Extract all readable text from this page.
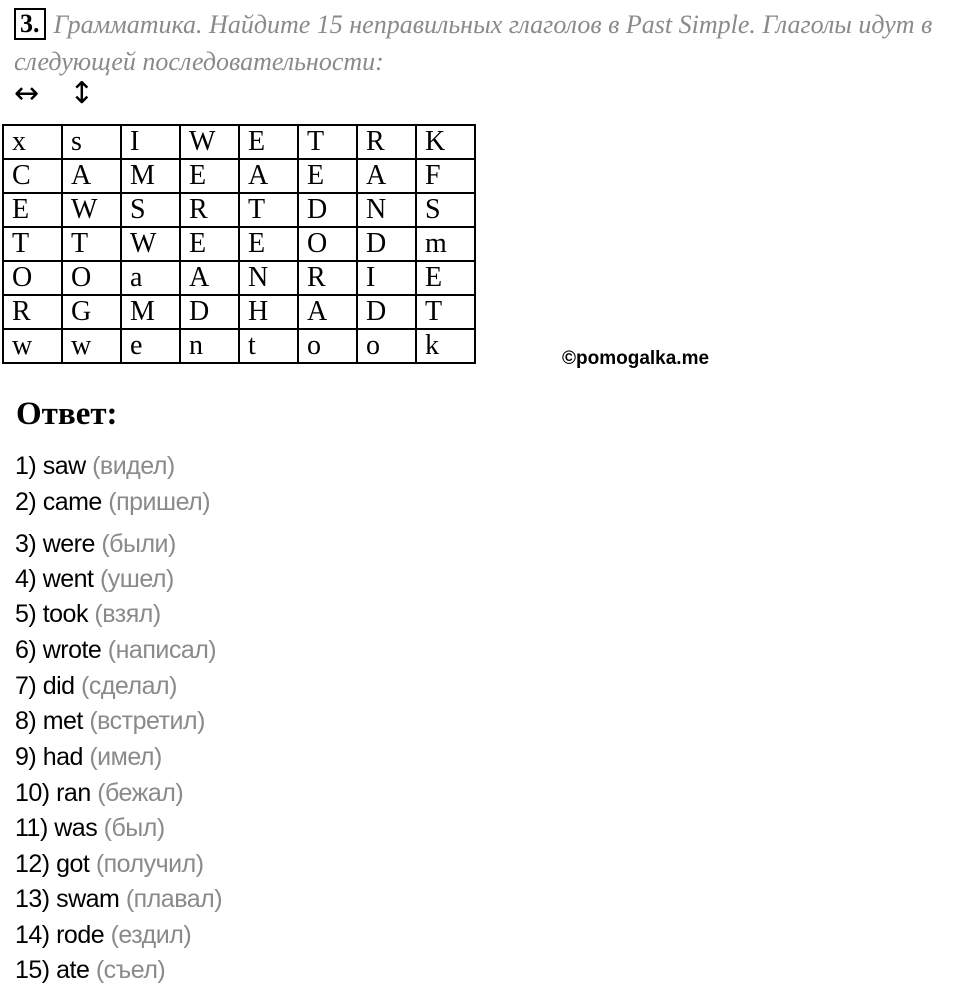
3. Грамматика. Найдите 15 неправильных глаголов в Past Simple. Глаголы идут в следующей последовательности:
↔ ↕
x	s	I	W	E	T	R	K
C	A	M	E	A	E	A	F
E	W	S	R	T	D	N	S
T	T	W	E	E	O	D	m
O	O	a	A	N	R	I	E
R	G	M	D	H	A	D	T
w	w	e	n	t	o	o	k	©pomogalka.me
Ответ:
1) saw (видел)
2) came (пришел)
3) were (были)
4) went (ушел)
5) took (взял)
6) wrote (написал)
7) did (сделал)
8) met (встретил)
9) had (имел)
10) ran (бежал)
11) was (был)
12) got (получил)
13) swam (плавал)
14) rode (ездил)
15) ate (съел)
